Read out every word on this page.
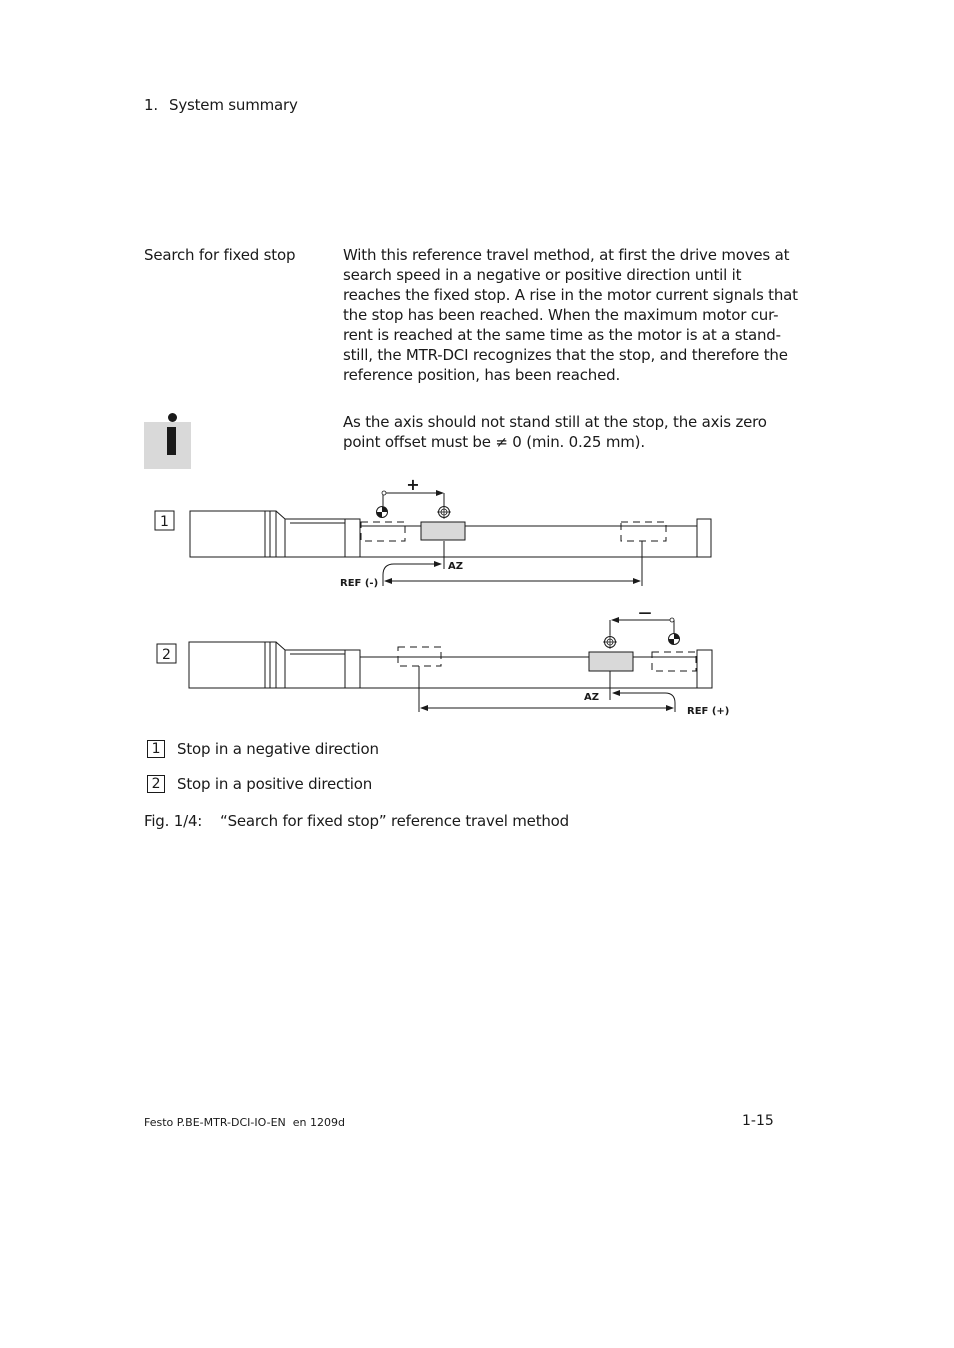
1. System summary
Search for fixed stop	With this reference travel method, at first the drive moves at
search speed in a negative or positive direction until it
reaches the fixed stop. A rise in the motor current signals that
the stop has been reached. When the maximum motor cur-
rent is reached at the same time as the motor is at a stand-
still, the MTR-DCI recognizes that the stop, and therefore the
reference position, has been reached.
As the axis should not stand still at the stop, the axis zero
point offset must be ≠ 0 (min. 0.25 mm).
1
+
AZ
REF (-)
2
—
AZ
REF (+)
1	Stop in a negative direction
2	Stop in a positive direction
Fig. 1/4: “Search for fixed stop” reference travel method
Festo P.BE-MTR-DCI-IO-EN  en 1209d	1-15
